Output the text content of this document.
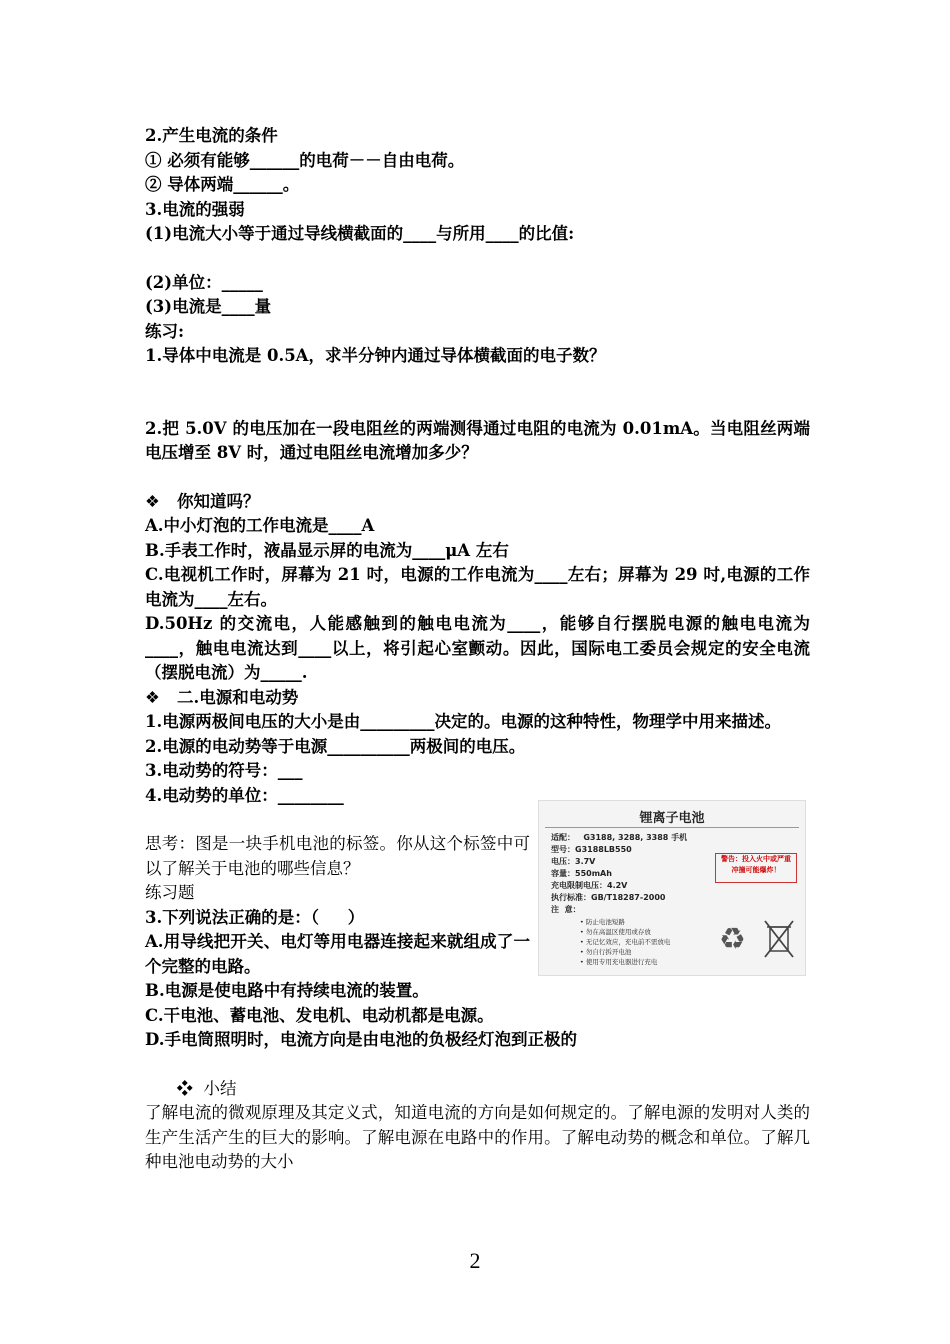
2.产生电流的条件

① 必须有能够______的电荷－－自由电荷。

② 导体两端______。

3.电流的强弱

(1)电流大小等于通过导线横截面的____与所用____的比值:

(2)单位：_____

(3)电流是____量

练习:

1.导体中电流是 0.5A，求半分钟内通过导体横截面的电子数？

2.把 5.0V 的电压加在一段电阻丝的两端测得通过电阻的电流为 0.01mA。当电阻丝两端电压增至 8V 时，通过电阻丝电流增加多少？

❖ 你知道吗？

A.中小灯泡的工作电流是____A

B.手表工作时，液晶显示屏的电流为____μA 左右

C.电视机工作时，屏幕为 21 吋，电源的工作电流为____左右；屏幕为 29 吋,电源的工作电流为____左右。

D.50Hz 的交流电，人能感触到的触电电流为____，能够自行摆脱电源的触电电流为____，触电电流达到____以上，将引起心室颤动。因此，国际电工委员会规定的安全电流（摆脱电流）为_____.

❖ 二.电源和电动势

1.电源两极间电压的大小是由_________决定的。电源的这种特性，物理学中用来描述。

2.电源的电动势等于电源__________两极间的电压。

3.电动势的符号：___

4.电动势的单位：________

思考：图是一块手机电池的标签。你从这个标签中可以了解关于电池的哪些信息？

练习题

3.下列说法正确的是：（     ）

A.用导线把开关、电灯等用电器连接起来就组成了一个完整的电路。

B.电源是使电路中有持续电流的装置。

C.干电池、蓄电池、发电机、电动机都是电源。

D.手电筒照明时，电流方向是由电池的负极经灯泡到正极的

❖ 小结

了解电流的微观原理及其定义式，知道电流的方向是如何规定的。了解电源的发明对人类的生产生活产生的巨大的影响。了解电源在电路中的作用。了解电动势的概念和单位。了解几种电池电动势的大小

锂离子电池
适配：   G3188, 3288, 3388 手机
型号：G3188LB550
电压：3.7V
容量：550mAh
充电限制电压：4.2V
执行标准：GB/T18287-2000
注  意：
警告：投入火中或严重
冲撞可能爆炸！
• 防止电池短路
• 勿在高温区使用或存放
• 无记忆效应，充电前不需放电
• 勿自行拆开电池
• 使用专用充电器进行充电
♻
2
